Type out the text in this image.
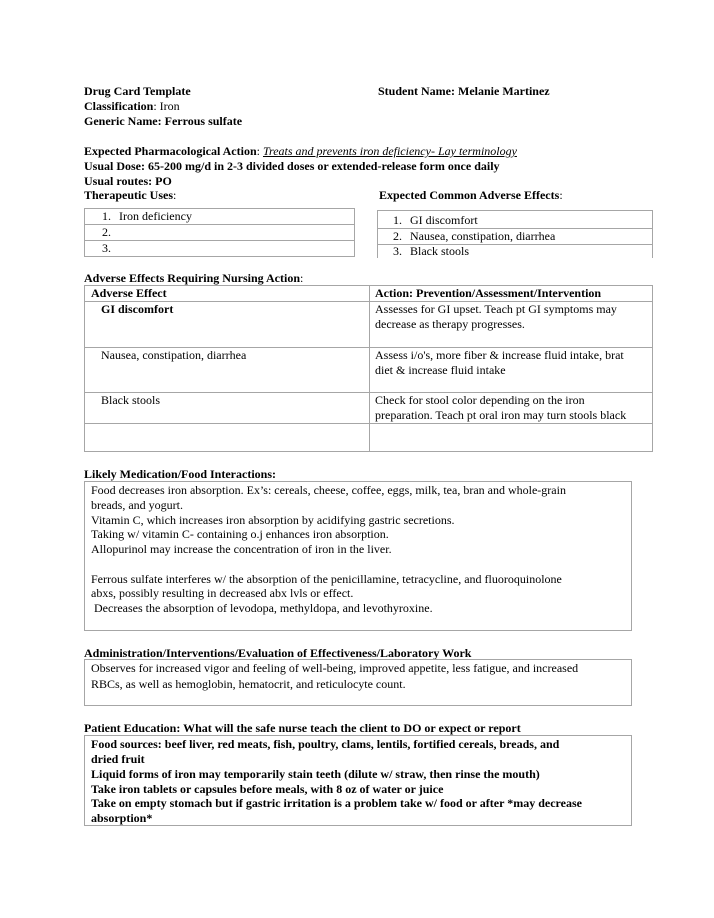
Drug Card Template	Student Name: Melanie Martinez
Classification: Iron
Generic Name: Ferrous sulfate
Expected Pharmacological Action: Treats and prevents iron deficiency- Lay terminology
Usual Dose: 65-200 mg/d in 2-3 divided doses or extended-release form once daily
Usual routes: PO
Therapeutic Uses:	Expected Common Adverse Effects:
1. Iron deficiency
2.
3.
1. GI discomfort
2. Nausea, constipation, diarrhea
3. Black stools
Adverse Effects Requiring Nursing Action:
Adverse Effect	Action: Prevention/Assessment/Intervention
GI discomfort	Assesses for GI upset. Teach pt GI symptoms may
decrease as therapy progresses.
Nausea, constipation, diarrhea	Assess i/o's, more fiber & increase fluid intake, brat
diet & increase fluid intake
Black stools	Check for stool color depending on the iron
preparation. Teach pt oral iron may turn stools black
Likely Medication/Food Interactions:
Food decreases iron absorption. Ex’s: cereals, cheese, coffee, eggs, milk, tea, bran and whole-grain
breads, and yogurt.
Vitamin C, which increases iron absorption by acidifying gastric secretions.
Taking w/ vitamin C- containing o.j enhances iron absorption.
Allopurinol may increase the concentration of iron in the liver.
Ferrous sulfate interferes w/ the absorption of the penicillamine, tetracycline, and fluoroquinolone
abxs, possibly resulting in decreased abx lvls or effect.
Decreases the absorption of levodopa, methyldopa, and levothyroxine.
Administration/Interventions/Evaluation of Effectiveness/Laboratory Work
Observes for increased vigor and feeling of well-being, improved appetite, less fatigue, and increased
RBCs, as well as hemoglobin, hematocrit, and reticulocyte count.
Patient Education: What will the safe nurse teach the client to DO or expect or report
Food sources: beef liver, red meats, fish, poultry, clams, lentils, fortified cereals, breads, and
dried fruit
Liquid forms of iron may temporarily stain teeth (dilute w/ straw, then rinse the mouth)
Take iron tablets or capsules before meals, with 8 oz of water or juice
Take on empty stomach but if gastric irritation is a problem take w/ food or after *may decrease
absorption*
